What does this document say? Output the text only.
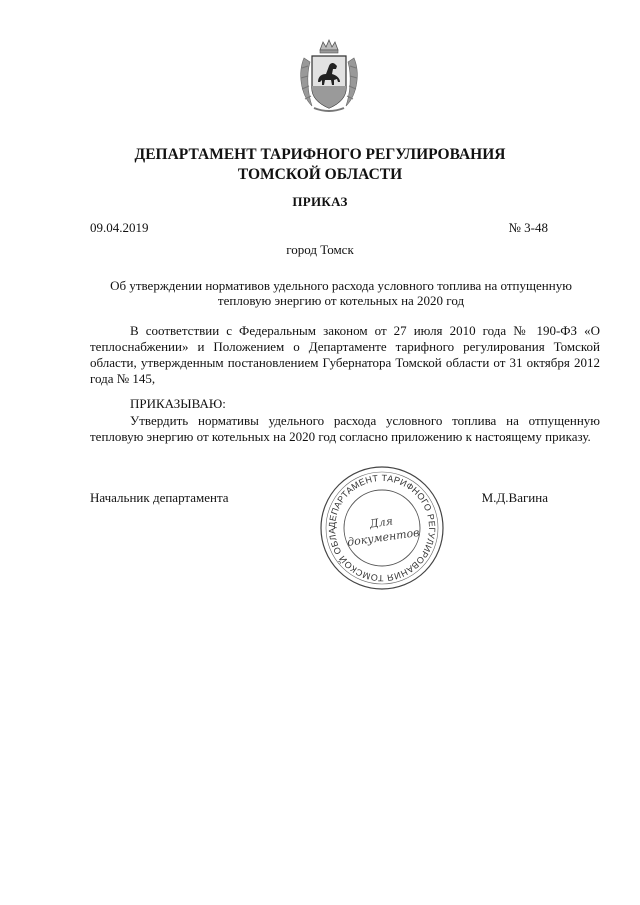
ДЕПАРТАМЕНТ ТАРИФНОГО РЕГУЛИРОВАНИЯ
ТОМСКОЙ ОБЛАСТИ
ПРИКАЗ
09.04.2019	№ 3-48
город Томск
Об утверждении нормативов удельного расхода условного топлива на отпущенную тепловую энергию от котельных на 2020 год
В соответствии с Федеральным законом от 27 июля 2010 года № 190-ФЗ «О теплоснабжении» и Положением о Департаменте тарифного регулирования Томской области, утвержденным постановлением Губернатора Томской области от 31 октября 2012 года № 145,
ПРИКАЗЫВАЮ:
Утвердить нормативы удельного расхода условного топлива на отпущенную тепловую энергию от котельных на 2020 год согласно приложению к настоящему приказу.
Начальник департамента	М.Д.Вагина
ДЕПАРТАМЕНТ ТАРИФНОГО РЕГУЛИРОВАНИЯ ТОМСКОЙ ОБЛА
Для
документов
